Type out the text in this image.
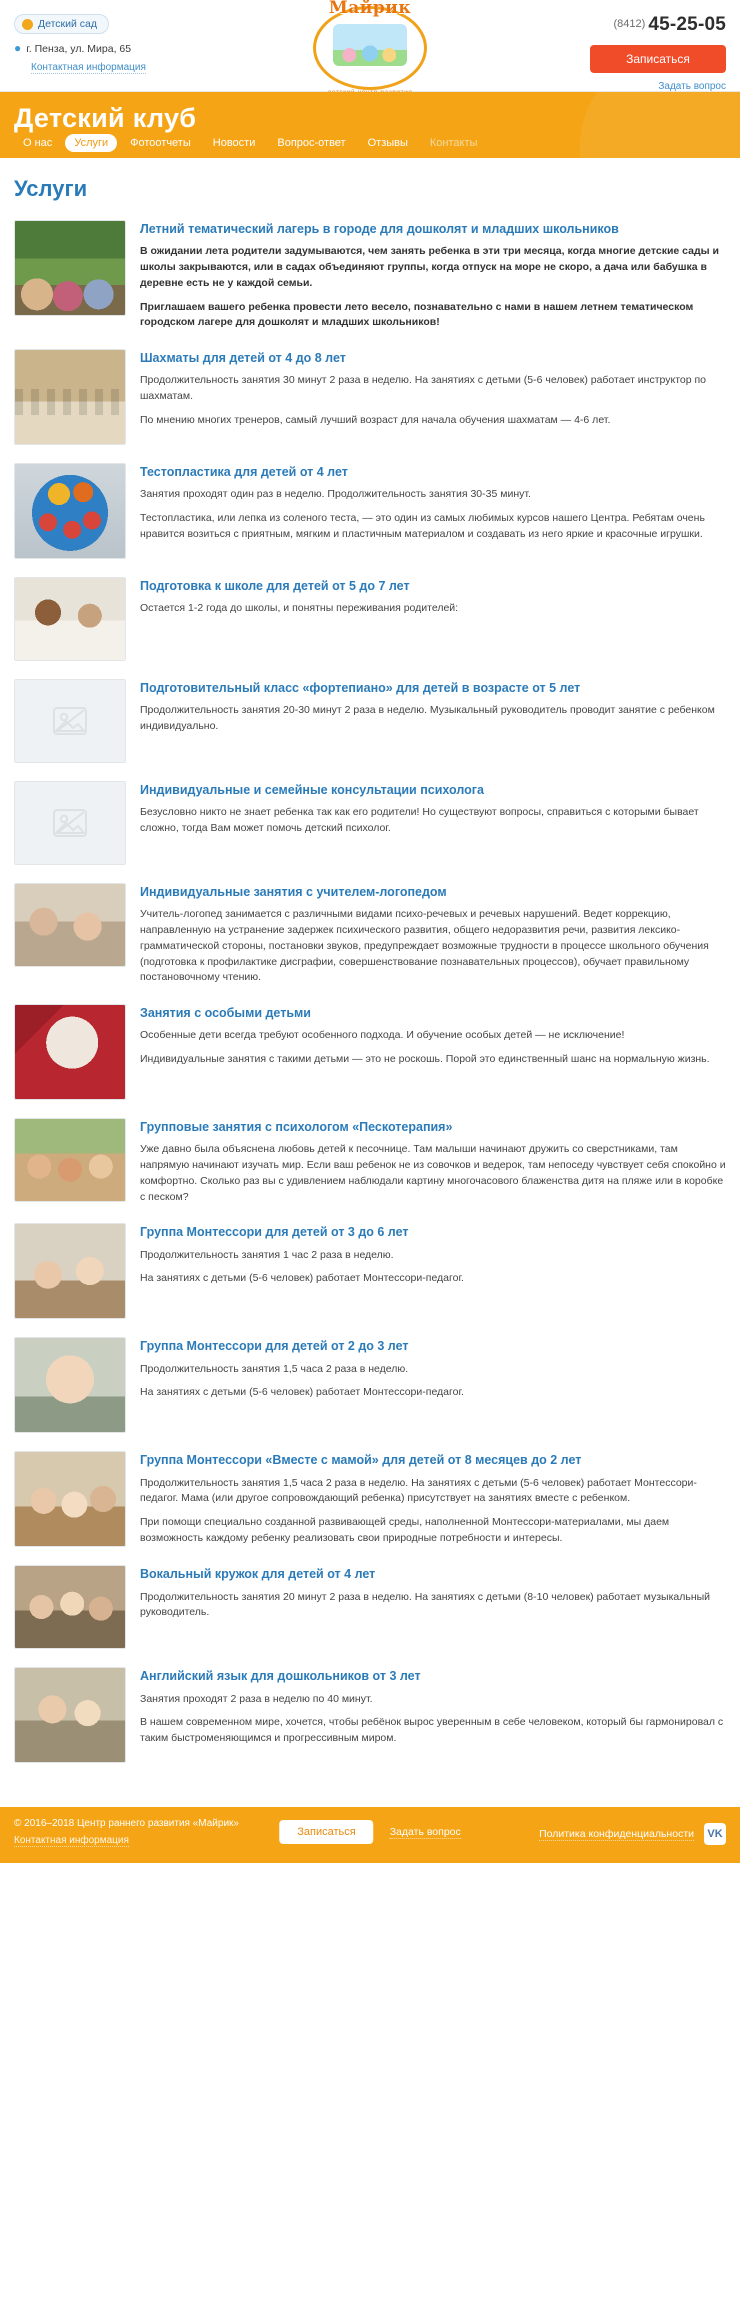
Детский сад
● г. Пенза, ул. Мира, 65
Контактная информация
Майрик
(8412) 45-25-05
Записаться
Задать вопрос
Детский клуб
О нас	Услуги	Фотоотчеты	Новости	Вопрос-ответ	Отзывы	Контакты
Услуги
Летний тематический лагерь в городе для дошколят и младших школьников

В ожидании лета родители задумываются, чем занять ребенка в эти три месяца, когда многие детские сады и школы закрываются, или в садах объединяют группы, когда отпуск на море не скоро, а дача или бабушка в деревне есть не у каждой семьи.

Приглашаем вашего ребенка провести лето весело, познавательно с нами в нашем летнем тематическом городском лагере для дошколят и младших школьников!

Шахматы для детей от 4 до 8 лет

Продолжительность занятия 30 минут 2 раза в неделю. На занятиях с детьми (5-6 человек) работает инструктор по шахматам.

По мнению многих тренеров, самый лучший возраст для начала обучения шахматам — 4-6 лет.

Тестопластика для детей от 4 лет

Занятия проходят один раз в неделю. Продолжительность занятия 30-35 минут.

Тестопластика, или лепка из соленого теста, — это один из самых любимых курсов нашего Центра. Ребятам очень нравится возиться с приятным, мягким и пластичным материалом и создавать из него яркие и красочные игрушки.

Подготовка к школе для детей от 5 до 7 лет

Остается 1-2 года до школы, и понятны переживания родителей:

Подготовительный класс «фортепиано» для детей в возрасте от 5 лет

Продолжительность занятия 20-30 минут 2 раза в неделю. Музыкальный руководитель проводит занятие с ребенком индивидуально.

Индивидуальные и семейные консультации психолога

Безусловно никто не знает ребенка так как его родители! Но существуют вопросы, справиться с которыми бывает сложно, тогда Вам может помочь детский психолог.

Индивидуальные занятия с учителем-логопедом

Учитель-логопед занимается с различными видами психо-речевых и речевых нарушений. Ведет коррекцию, направленную на устранение задержек психического развития, общего недоразвития речи, развития лексико-грамматической стороны, постановки звуков, предупреждает возможные трудности в процессе школьного обучения (подготовка к профилактике дисграфии, совершенствование познавательных процессов), обучает правильному постановочному чтению.

Занятия с особыми детьми

Особенные дети всегда требуют особенного подхода. И обучение особых детей — не исключение!

Индивидуальные занятия с такими детьми — это не роскошь. Порой это единственный шанс на нормальную жизнь.

Групповые занятия с психологом «Пескотерапия»

Уже давно была объяснена любовь детей к песочнице. Там малыши начинают дружить со сверстниками, там напрямую начинают изучать мир. Если ваш ребенок не из совочков и ведерок, там непоседу чувствует себя спокойно и комфортно. Сколько раз вы с удивлением наблюдали картину многочасового блаженства дитя на пляже или в коробке с песком?

Группа Монтессори для детей от 3 до 6 лет

Продолжительность занятия 1 час 2 раза в неделю.

На занятиях с детьми (5-6 человек) работает Монтессори-педагог.

Группа Монтессори для детей от 2 до 3 лет

Продолжительность занятия 1,5 часа 2 раза в неделю.

На занятиях с детьми (5-6 человек) работает Монтессори-педагог.

Группа Монтессори «Вместе с мамой» для детей от 8 месяцев до 2 лет

Продолжительность занятия 1,5 часа 2 раза в неделю. На занятиях с детьми (5-6 человек) работает Монтессори-педагог. Мама (или другое сопровождающий ребенка) присутствует на занятиях вместе с ребенком.

При помощи специально созданной развивающей среды, наполненной Монтессори-материалами, мы даем возможность каждому ребенку реализовать свои природные потребности и интересы.

Вокальный кружок для детей от 4 лет

Продолжительность занятия 20 минут 2 раза в неделю. На занятиях с детьми (8-10 человек) работает музыкальный руководитель.

Английский язык для дошкольников от 3 лет

Занятия проходят 2 раза в неделю по 40 минут.

В нашем современном мире, хочется, чтобы ребёнок вырос уверенным в себе человеком, который бы гармонировал с таким быстроменяющимся и прогрессивным миром.

© 2016–2018 Центр раннего развития «Майрик»
Контактная информация
Записаться	Задать вопрос	Политика конфиденциальности	VK
